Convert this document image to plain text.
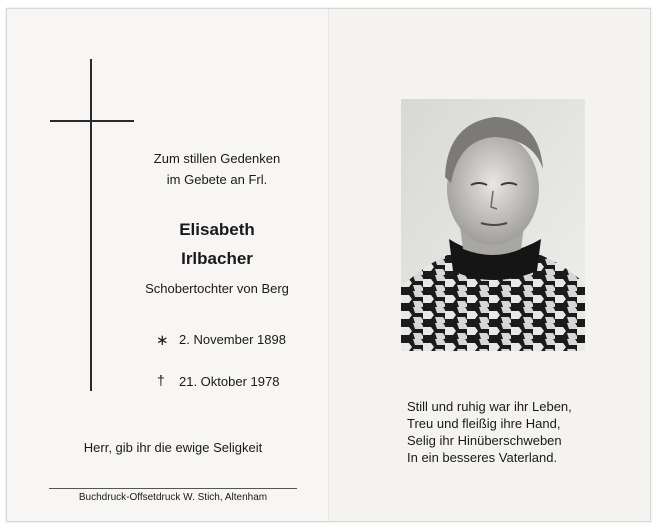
Zum stillen Gedenken
im Gebete an Frl.
Elisabeth
Irlbacher
Schobertochter von Berg
∗ 2. November 1898
† 21. Oktober 1978
Herr, gib ihr die ewige Seligkeit
Buchdruck-Offsetdruck W. Stich, Altenham
Still und ruhig war ihr Leben,
Treu und fleißig ihre Hand,
Selig ihr Hinüberschweben
In ein besseres Vaterland.
